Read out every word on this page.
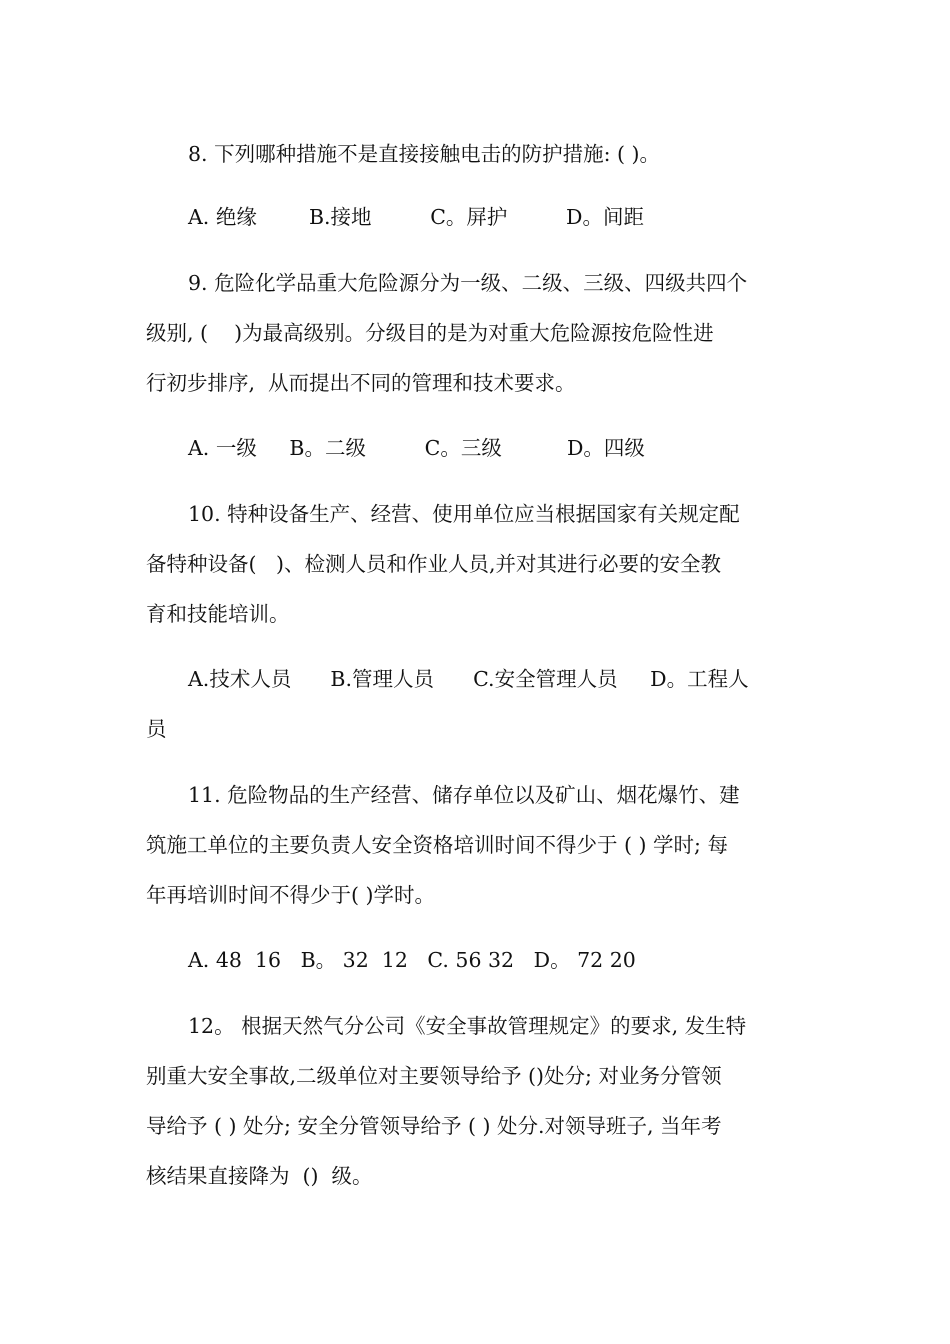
8. 下列哪种措施不是直接接触电击的防护措施: ( )。
A. 绝缘        B.接地         C。屏护         D。间距
9. 危险化学品重大危险源分为一级、二级、三级、四级共四个
级别, (    )为最高级别。分级目的是为对重大危险源按危险性进
行初步排序,  从而提出不同的管理和技术要求。
A. 一级     B。二级         C。三级          D。四级
10. 特种设备生产、经营、使用单位应当根据国家有关规定配
备特种设备(   )、检测人员和作业人员,并对其进行必要的安全教
育和技能培训。
A.技术人员      B.管理人员      C.安全管理人员     D。工程人
员
11. 危险物品的生产经营、储存单位以及矿山、烟花爆竹、建
筑施工单位的主要负责人安全资格培训时间不得少于 ( ) 学时; 每
年再培训时间不得少于( )学时。
A. 48  16   B。 32  12   C. 56 32   D。 72 20
12。 根据天然气分公司《安全事故管理规定》的要求, 发生特
别重大安全事故,二级单位对主要领导给予 ()处分; 对业务分管领
导给予 ( ) 处分; 安全分管领导给予 ( ) 处分.对领导班子, 当年考
核结果直接降为  ()  级。
